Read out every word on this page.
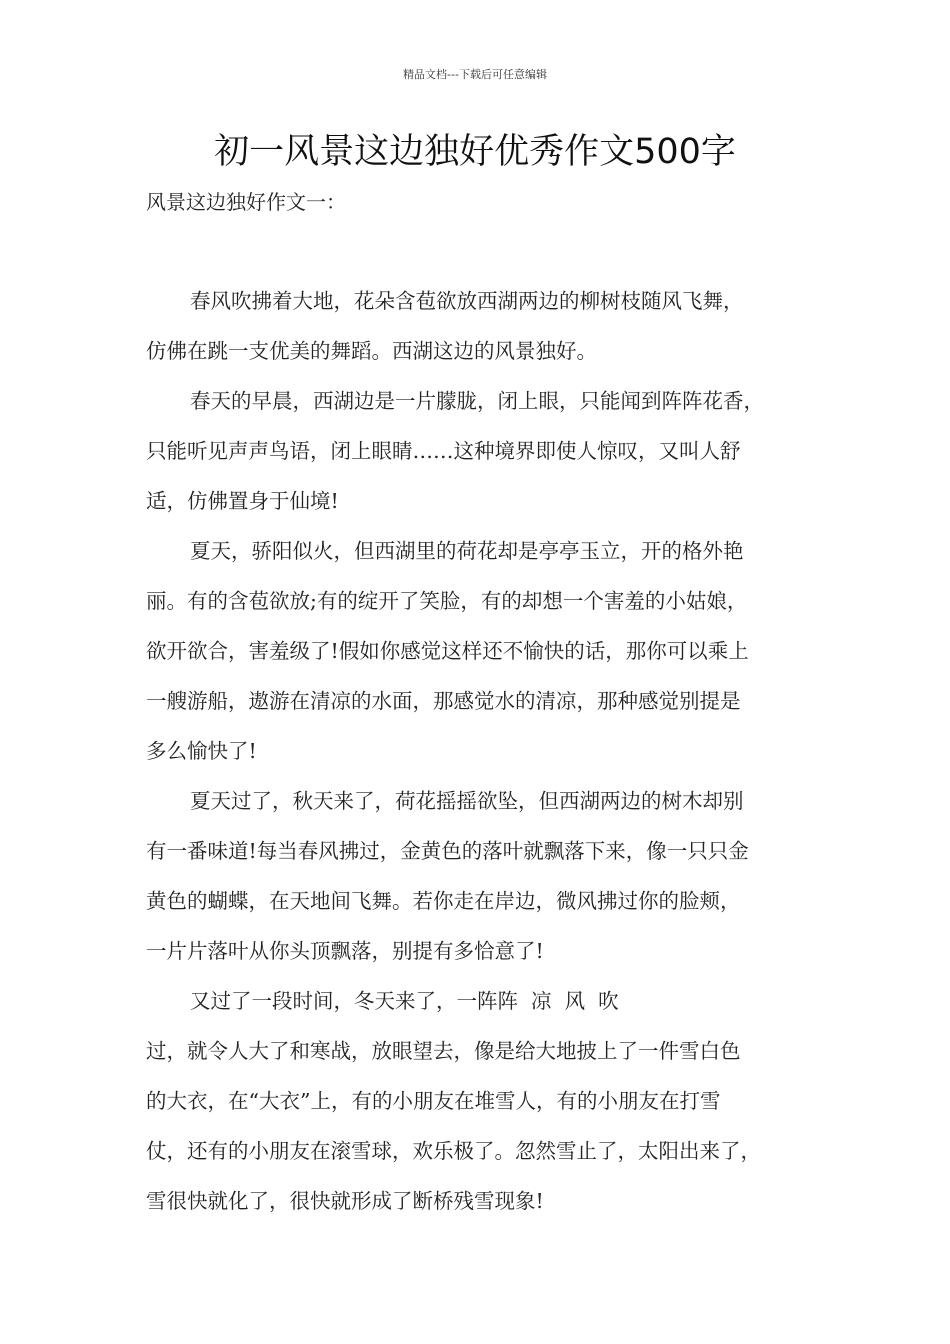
精品文档---下载后可任意编辑
初一风景这边独好优秀作文500字
风景这边独好作文一：
春风吹拂着大地，花朵含苞欲放西湖两边的柳树枝随风飞舞，
仿佛在跳一支优美的舞蹈。西湖这边的风景独好。
春天的早晨，西湖边是一片朦胧，闭上眼，只能闻到阵阵花香，
只能听见声声鸟语，闭上眼睛……这种境界即使人惊叹，又叫人舒
适，仿佛置身于仙境!
夏天，骄阳似火，但西湖里的荷花却是亭亭玉立，开的格外艳
丽。有的含苞欲放;有的绽开了笑脸，有的却想一个害羞的小姑娘，
欲开欲合，害羞级了!假如你感觉这样还不愉快的话，那你可以乘上
一艘游船，遨游在清凉的水面，那感觉水的清凉，那种感觉别提是
多么愉快了!
夏天过了，秋天来了，荷花摇摇欲坠，但西湖两边的树木却别
有一番味道!每当春风拂过，金黄色的落叶就飘落下来，像一只只金
黄色的蝴蝶，在天地间飞舞。若你走在岸边，微风拂过你的脸颊，
一片片落叶从你头顶飘落，别提有多恰意了!
又过了一段时间，冬天来了，一阵阵  凉  风  吹
过，就令人大了和寒战，放眼望去，像是给大地披上了一件雪白色
的大衣，在“大衣”上，有的小朋友在堆雪人，有的小朋友在打雪
仗，还有的小朋友在滚雪球，欢乐极了。忽然雪止了，太阳出来了，
雪很快就化了，很快就形成了断桥残雪现象!
